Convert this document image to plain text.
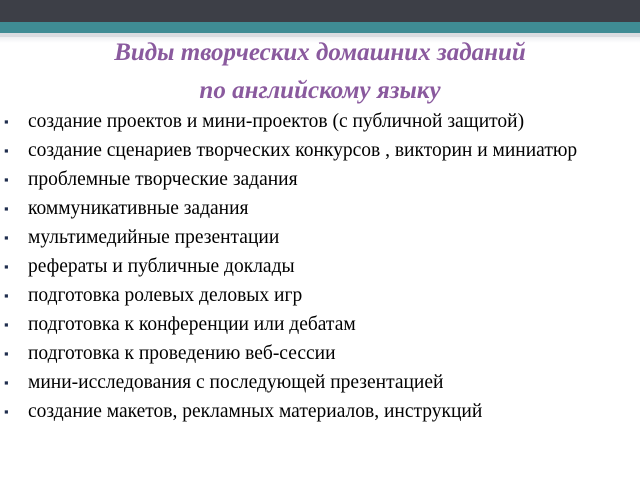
Виды творческих домашних заданий
по английскому языку
▪ создание проектов и мини-проектов (с публичной защитой)
▪ создание сценариев творческих конкурсов , викторин и миниатюр
▪ проблемные творческие задания
▪ коммуникативные задания
▪ мультимедийные презентации
▪ рефераты и публичные доклады
▪ подготовка ролевых деловых игр
▪ подготовка к конференции или дебатам
▪ подготовка к проведению веб-сессии
▪ мини-исследования с последующей презентацией
▪ создание макетов, рекламных материалов, инструкций
